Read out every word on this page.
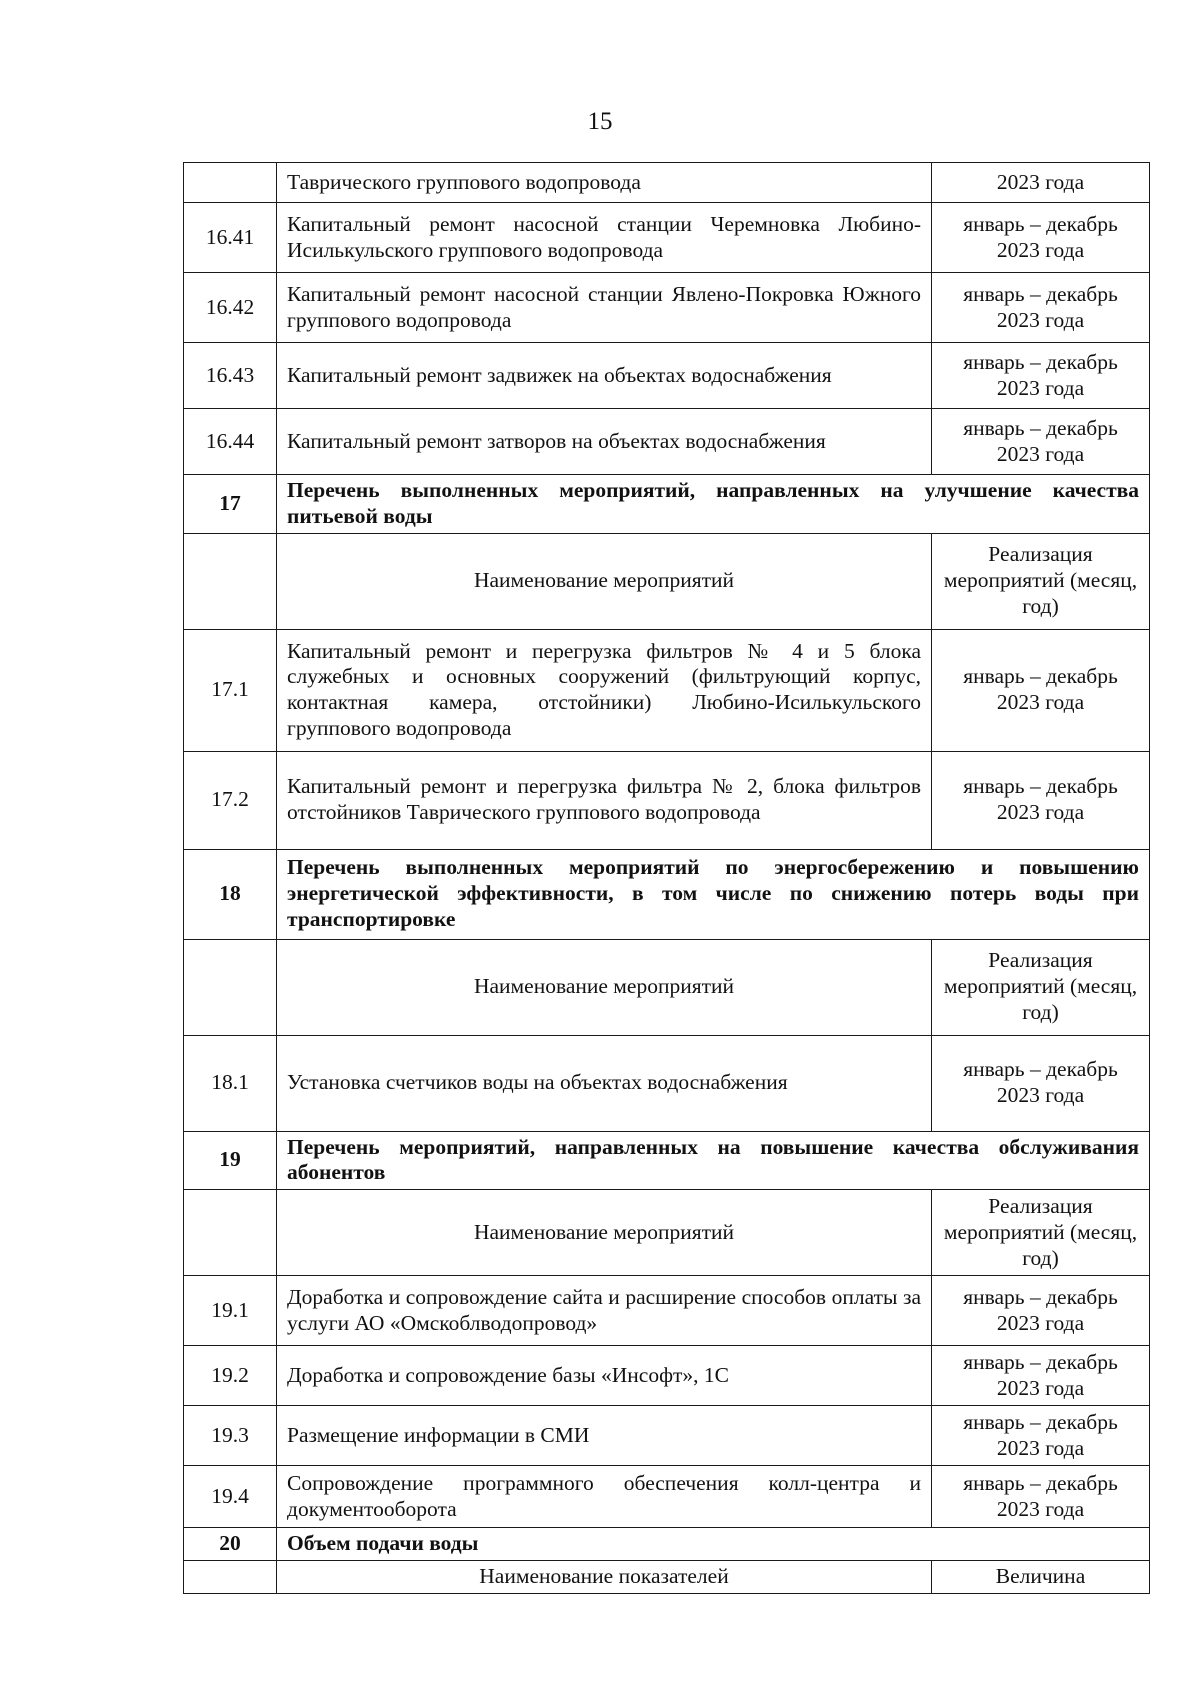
15
	Таврического группового водопровода	2023 года
16.41	Капитальный ремонт насосной станции Черемновка Любино-Исилькульского группового водопровода	январь – декабрь 2023 года
16.42	Капитальный ремонт насосной станции Явлено-Покровка Южного группового водопровода	январь – декабрь 2023 года
16.43	Капитальный ремонт задвижек на объектах водоснабжения	январь – декабрь 2023 года
16.44	Капитальный ремонт затворов на объектах водоснабжения	январь – декабрь 2023 года
17	Перечень выполненных мероприятий, направленных на улучшение качества питьевой воды	
	Наименование мероприятий	Реализация мероприятий (месяц, год)
17.1	Капитальный ремонт и перегрузка фильтров № 4 и 5 блока служебных и основных сооружений (фильтрующий корпус, контактная камера, отстойники) Любино-Исилькульского группового водопровода	январь – декабрь 2023 года
17.2	Капитальный ремонт и перегрузка фильтра № 2, блока фильтров отстойников Таврического группового водопровода	январь – декабрь 2023 года
18	Перечень выполненных мероприятий по энергосбережению и повышению энергетической эффективности, в том числе по снижению потерь воды при транспортировке	
	Наименование мероприятий	Реализация мероприятий (месяц, год)
18.1	Установка счетчиков воды на объектах водоснабжения	январь – декабрь 2023 года
19	Перечень мероприятий, направленных на повышение качества обслуживания абонентов	
	Наименование мероприятий	Реализация мероприятий (месяц, год)
19.1	Доработка и сопровождение сайта и расширение способов оплаты за услуги АО «Омскоблводопровод»	январь – декабрь 2023 года
19.2	Доработка и сопровождение базы «Инсофт», 1С	январь – декабрь 2023 года
19.3	Размещение информации в СМИ	январь – декабрь 2023 года
19.4	Сопровождение программного обеспечения колл-центра и документооборота	январь – декабрь 2023 года
20	Объем подачи воды	
	Наименование показателей	Величина
